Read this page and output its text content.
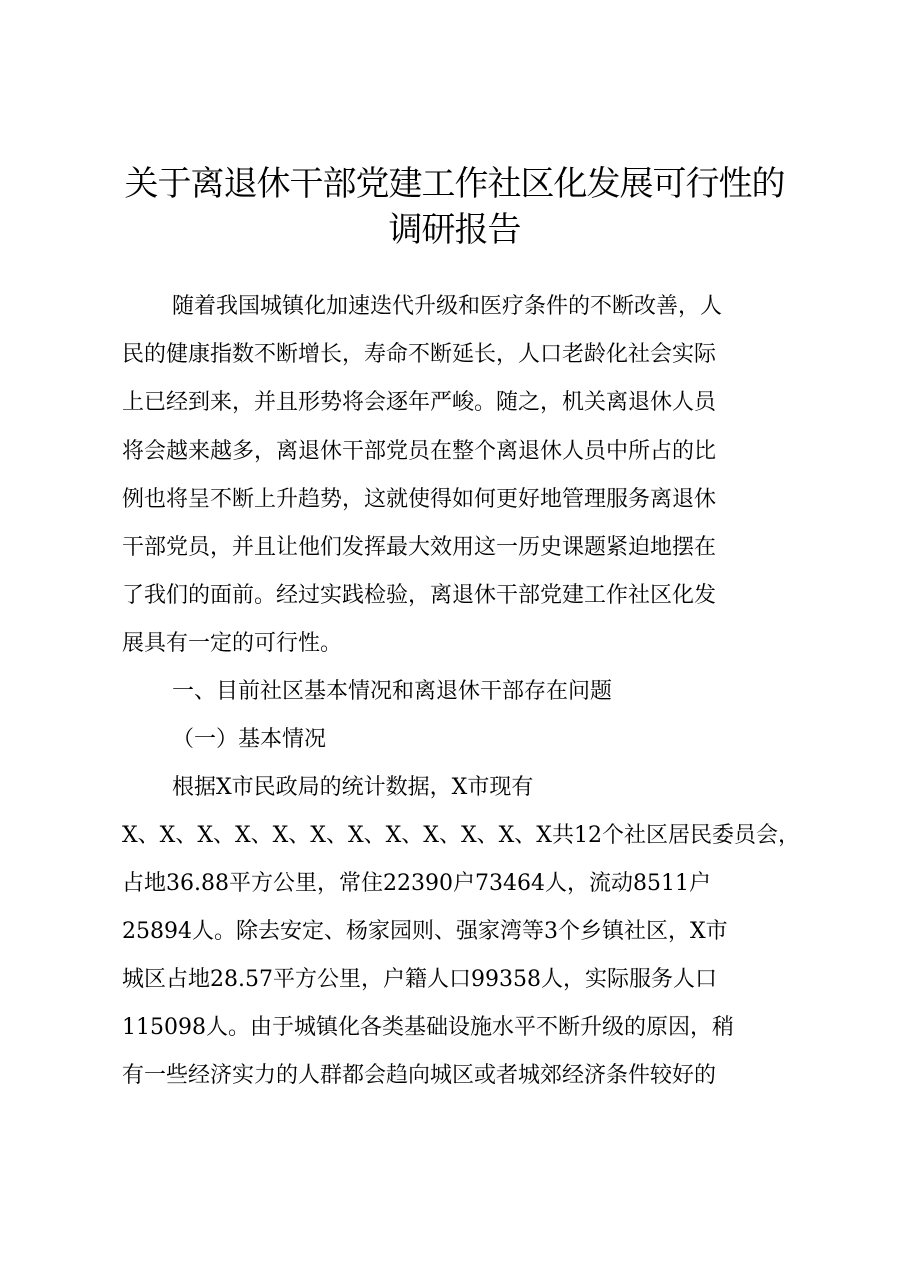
关于离退休干部党建工作社区化发展可行性的
调研报告
随着我国城镇化加速迭代升级和医疗条件的不断改善，人
民的健康指数不断增长，寿命不断延长，人口老龄化社会实际
上已经到来，并且形势将会逐年严峻。随之，机关离退休人员
将会越来越多，离退休干部党员在整个离退休人员中所占的比
例也将呈不断上升趋势，这就使得如何更好地管理服务离退休
干部党员，并且让他们发挥最大效用这一历史课题紧迫地摆在
了我们的面前。经过实践检验，离退休干部党建工作社区化发
展具有一定的可行性。
一、目前社区基本情况和离退休干部存在问题
（一）基本情况
根据X市民政局的统计数据，X市现有
X、X、X、X、X、X、X、X、X、X、X、X共12个社区居民委员会，
占地36.88平方公里，常住22390户73464人，流动8511户
25894人。除去安定、杨家园则、强家湾等3个乡镇社区，X市
城区占地28.57平方公里，户籍人口99358人，实际服务人口
115098人。由于城镇化各类基础设施水平不断升级的原因，稍
有一些经济实力的人群都会趋向城区或者城郊经济条件较好的
